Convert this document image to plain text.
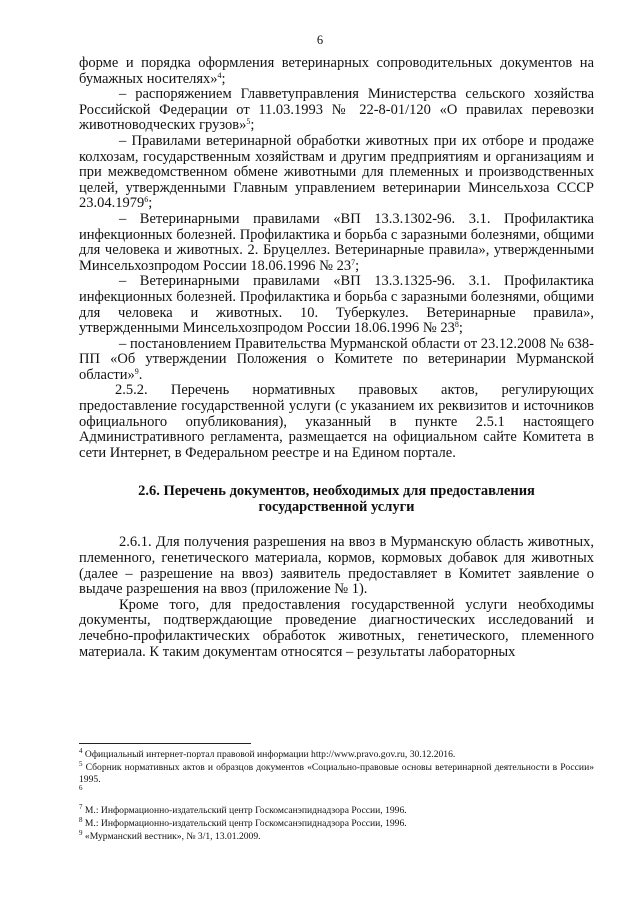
6

форме и порядка оформления ветеринарных сопроводительных документов на бумажных носителях»$^4$;

– распоряжением Главветуправления Министерства сельского хозяйства Российской Федерации от 11.03.1993 № 22-8-01/120 «О правилах перевозки животноводческих грузов»$^5$;

– Правилами ветеринарной обработки животных при их отборе и продаже колхозам, государственным хозяйствам и другим предприятиям и организациям и при межведомственном обмене животными для племенных и производственных целей, утвержденными Главным управлением ветеринарии Минсельхоза СССР 23.04.1979$^6$;

– Ветеринарными правилами «ВП 13.3.1302-96. 3.1. Профилактика инфекционных болезней. Профилактика и борьба с заразными болезнями, общими для человека и животных. 2. Бруцеллез. Ветеринарные правила», утвержденными Минсельхозпродом России 18.06.1996 № $23^7$;

– Ветеринарными правилами «ВП 13.3.1325-96. 3.1. Профилактика инфекционных болезней. Профилактика и борьба с заразными болезнями, общими для человека и животных. 10. Туберкулез. Ветеринарные правила», утвержденными Минсельхозпродом России 18.06.1996 № $23^8$;

– постановлением Правительства Мурманской области от 23.12.2008 № 638-ПП «Об утверждении Положения о Комитете по ветеринарии Мурманской области»$^9$.

2.5.2. Перечень нормативных правовых актов, регулирующих предоставление государственной услуги (с указанием их реквизитов и источников официального опубликования), указанный в пункте 2.5.1 настоящего Административного регламента, размещается на официальном сайте Комитета в сети Интернет, в Федеральном реестре и на Едином портале.

2.6. Перечень документов, необходимых для предоставления
государственной услуги

2.6.1. Для получения разрешения на ввоз в Мурманскую область животных, племенного, генетического материала, кормов, кормовых добавок для животных (далее – разрешение на ввоз) заявитель предоставляет в Комитет заявление о выдаче разрешения на ввоз (приложение № 1).

Кроме того, для предоставления государственной услуги необходимы документы, подтверждающие проведение диагностических исследований и лечебно-профилактических обработок животных, генетического, племенного материала. К таким документам относятся – результаты лабораторных

$^4$ Официальный интернет-портал правовой информации http://www.pravo.gov.ru, 30.12.2016.

$^5$ Сборник нормативных актов и образцов документов «Социально-правовые основы ветеринарной деятельности в России» 1995.

$^6$

$^7$ М.: Информационно-издательский центр Госкомсанэпиднадзора России, 1996.

$^8$ М.: Информационно-издательский центр Госкомсанэпиднадзора России, 1996.

$^9$ «Мурманский вестник», № 3/1, 13.01.2009.
